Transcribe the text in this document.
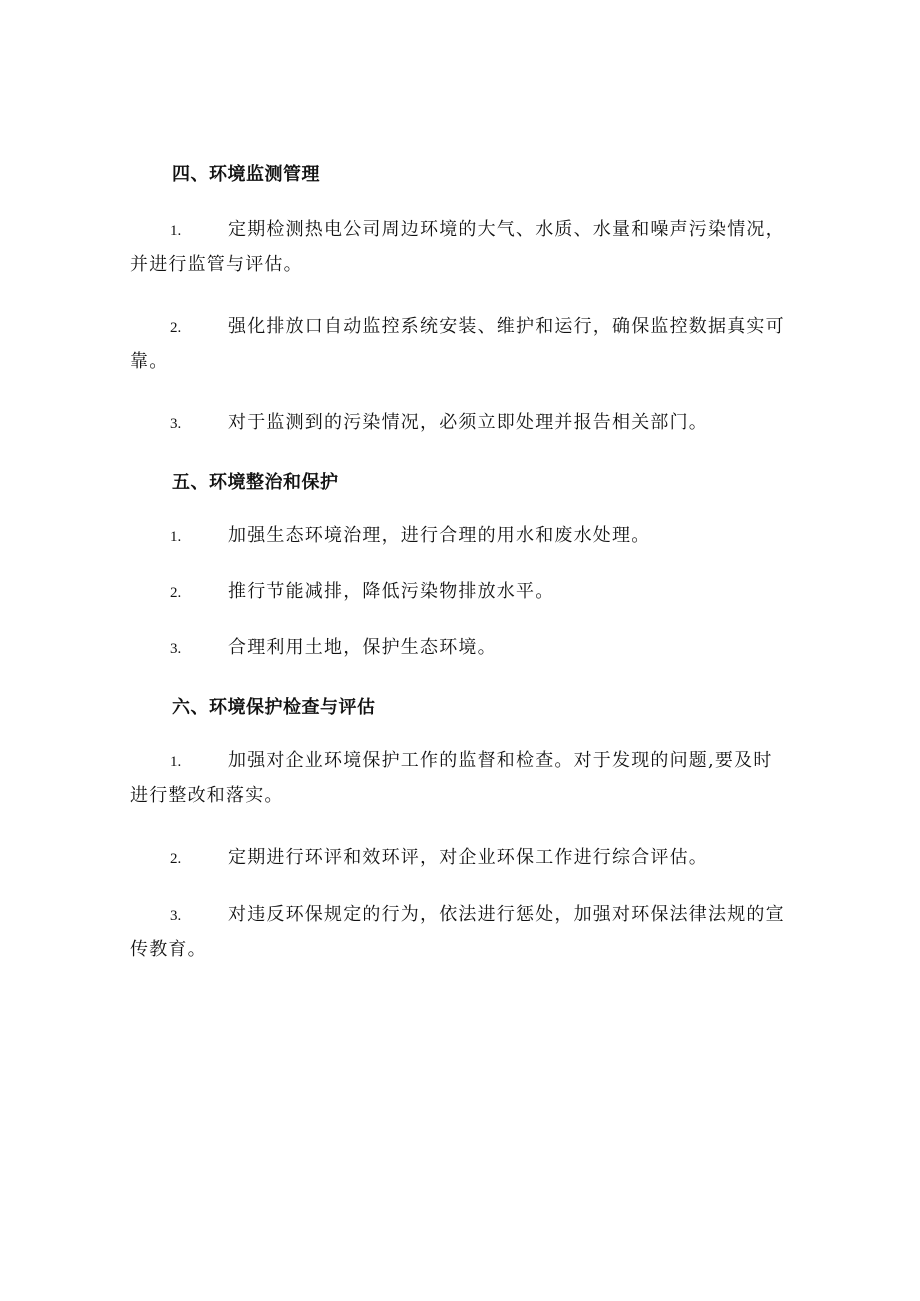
四、环境监测管理
1.	定期检测热电公司周边环境的大气、水质、水量和噪声污染情况，并进行监管与评估。
2.	强化排放口自动监控系统安装、维护和运行，确保监控数据真实可靠。
3.	对于监测到的污染情况，必须立即处理并报告相关部门。
五、环境整治和保护
1.	加强生态环境治理，进行合理的用水和废水处理。
2.	推行节能减排，降低污染物排放水平。
3.	合理利用土地，保护生态环境。
六、环境保护检查与评估
1.	加强对企业环境保护工作的监督和检查。对于发现的问题,要及时进行整改和落实。
2.	定期进行环评和效环评，对企业环保工作进行综合评估。
3.	对违反环保规定的行为，依法进行惩处，加强对环保法律法规的宣传教育。
